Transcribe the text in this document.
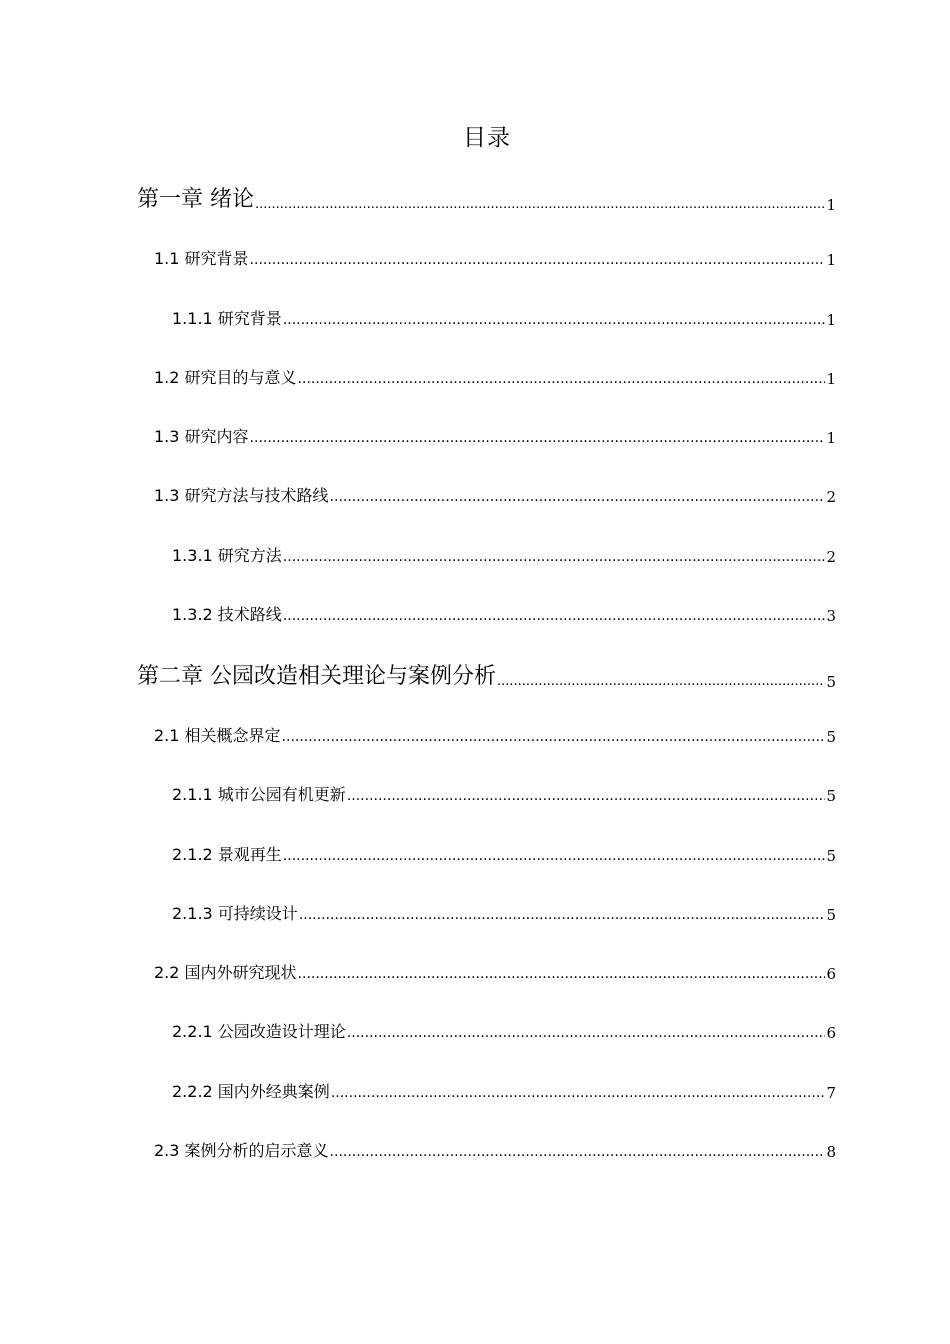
目录
第一章 绪论 .....	1
1.1 研究背景 .....	1
1.1.1 研究背景 .....	1
1.2 研究目的与意义 .....	1
1.3 研究内容 .....	1
1.3 研究方法与技术路线 .....	2
1.3.1 研究方法 .....	2
1.3.2 技术路线 .....	3
第二章 公园改造相关理论与案例分析 .....	5
2.1 相关概念界定 .....	5
2.1.1 城市公园有机更新 .....	5
2.1.2 景观再生 .....	5
2.1.3 可持续设计 .....	5
2.2 国内外研究现状 .....	6
2.2.1 公园改造设计理论 .....	6
2.2.2 国内外经典案例 .....	7
2.3 案例分析的启示意义 .....	8
